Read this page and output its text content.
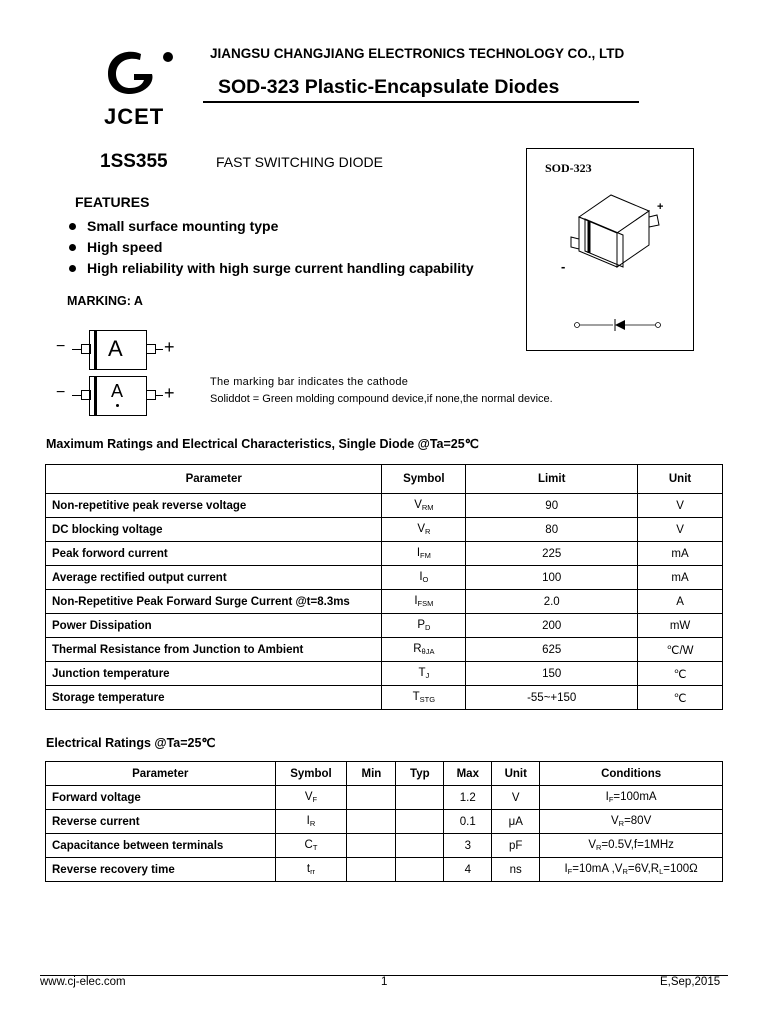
JCET
JIANGSU CHANGJIANG ELECTRONICS TECHNOLOGY CO., LTD
SOD-323 Plastic-Encapsulate Diodes
1SS355	FAST SWITCHING DIODE
FEATURES
Small surface mounting type
High speed
High reliability with high surge current handling capability
MARKING: A
− A +
−	A +
The marking bar indicates the cathode
Soliddot = Green molding compound device,if none,the normal device.
SOD-323
+
-
Maximum Ratings and Electrical Characteristics, Single Diode @Ta=25℃
Parameter	Symbol	Limit	Unit
Non-repetitive peak reverse voltage	$V_{RM}$	90	V
DC blocking voltage	$V_R$	80	V
Peak forword current	$I_{FM}$	225	mA
Average rectified output current	$I_O$	100	mA
Non-Repetitive Peak Forward Surge Current @t=8.3ms	$I_{FSM}$	2.0	A
Power Dissipation	$P_D$	200	mW
Thermal Resistance from Junction to Ambient	$R_{\theta JA}$	625	℃/W
Junction temperature	$T_J$	150	℃
Storage temperature	$T_{STG}$	-55~+150	℃
Electrical Ratings @Ta=25℃
Parameter	Symbol	Min	Typ	Max	Unit	Conditions
Forward voltage	$V_F$			1.2	V	$I_F=100mA$
Reverse current	$I_R$			0.1	μA	$V_R=80V$
Capacitance between terminals	$C_T$			3	pF	$V_R=0.5V,f=1MHz$
Reverse recovery time	$t_{rr}$			4	ns	$I_F=10mA$ $,V_R=6V,R_L=100\Omega$
www.cj-elec.com	1	E,Sep,2015
